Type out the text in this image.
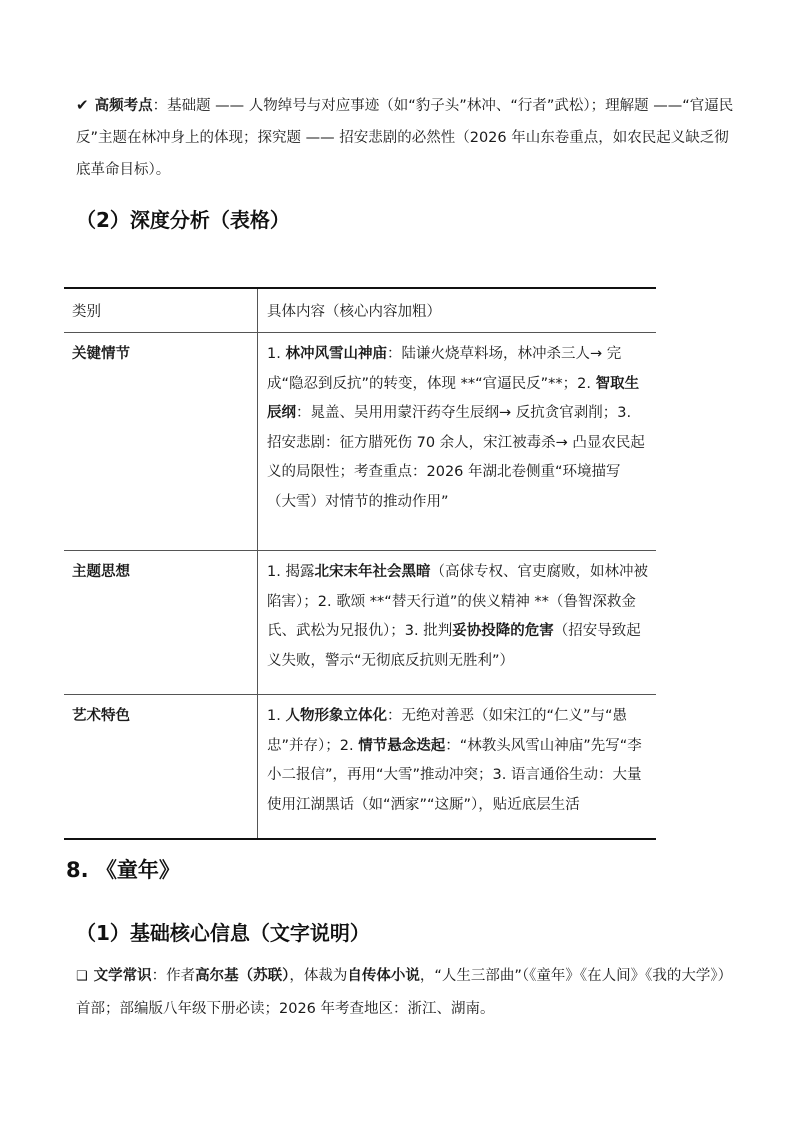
✔ 高频考点：基础题 —— 人物绰号与对应事迹（如“豹子头”林冲、“行者”武松）；理解题 ——“官逼民反”主题在林冲身上的体现；探究题 —— 招安悲剧的必然性（2026 年山东卷重点，如农民起义缺乏彻底革命目标）。
（2）深度分析（表格）
类别	具体内容（核心内容加粗）

关键情节	1. 林冲风雪山神庙：陆谦火烧草料场，林冲杀三人→ 完成“隐忍到反抗”的转变，体现 **“官逼民反”**；2. 智取生辰纲：晁盖、吴用用蒙汗药夺生辰纲→ 反抗贪官剥削；3. 招安悲剧：征方腊死伤 70 余人，宋江被毒杀→ 凸显农民起义的局限性；考查重点：2026 年湖北卷侧重“环境描写（大雪）对情节的推动作用”

主题思想	1. 揭露北宋末年社会黑暗（高俅专权、官吏腐败，如林冲被陷害）；2. 歌颂 **“替天行道”的侠义精神 **（鲁智深救金氏、武松为兄报仇）；3. 批判妥协投降的危害（招安导致起义失败，警示“无彻底反抗则无胜利”）

艺术特色	1. 人物形象立体化：无绝对善恶（如宋江的“仁义”与“愚忠”并存）；2. 情节悬念迭起：“林教头风雪山神庙”先写“李小二报信”，再用“大雪”推动冲突；3. 语言通俗生动：大量使用江湖黑话（如“洒家”“这厮”），贴近底层生活
8. 《童年》
（1）基础核心信息（文字说明）
❑ 文学常识：作者高尔基（苏联），体裁为自传体小说，“人生三部曲”（《童年》《在人间》《我的大学》）首部；部编版八年级下册必读；2026 年考查地区：浙江、湖南。
